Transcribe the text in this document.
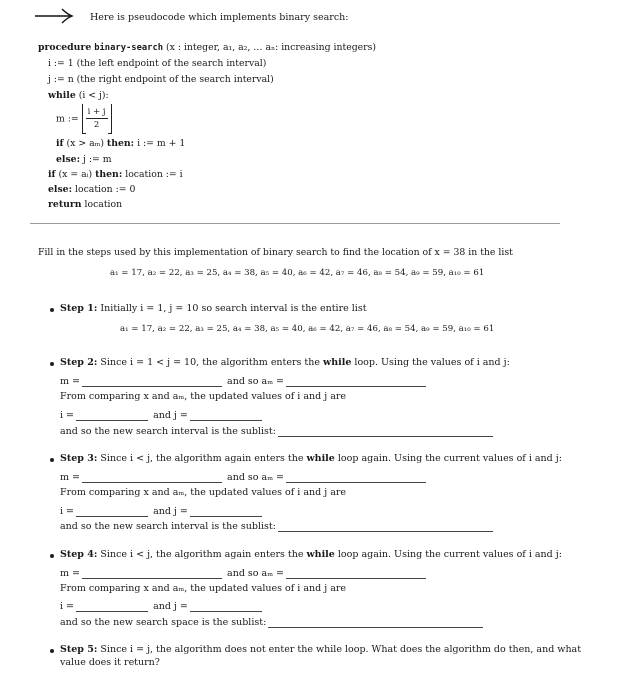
Here is pseudocode which implements binary search:
procedure binary-search (x : integer, a₁, a₂, … aₙ: increasing integers)
i := 1 (the left endpoint of the search interval)
j := n (the right endpoint of the search interval)
while (i < j):
m := $\frac{i + j}{2}$
if (x > aₘ) then: i := m + 1
else: j := m
if (x = aᵢ) then: location := i
else: location := 0
return location
Fill in the steps used by this implementation of binary search to find the location of x = 38 in the list
a₁ = 17, a₂ = 22, a₃ = 25, a₄ = 38, a₅ = 40, a₆ = 42, a₇ = 46, a₈ = 54, a₉ = 59, a₁₀ = 61
Step 1: Initially i = 1, j = 10 so search interval is the entire list
a₁ = 17, a₂ = 22, a₃ = 25, a₄ = 38, a₅ = 40, a₆ = 42, a₇ = 46, a₈ = 54, a₉ = 59, a₁₀ = 61
Step 2: Since i = 1 < j = 10, the algorithm enters the while loop. Using the values of i and j:
m =	and so aₘ =
From comparing x and aₘ, the updated values of i and j are
i =	and j =
and so the new search interval is the sublist:
Step 3: Since i < j, the algorithm again enters the while loop again. Using the current values of i and j:
m =	and so aₘ =
From comparing x and aₘ, the updated values of i and j are
i =	and j =
and so the new search interval is the sublist:
Step 4: Since i < j, the algorithm again enters the while loop again. Using the current values of i and j:
m =	and so aₘ =
From comparing x and aₘ, the updated values of i and j are
i =	and j =
and so the new search space is the sublist:
Step 5: Since i = j, the algorithm does not enter the while loop. What does the algorithm do then, and what
value does it return?
